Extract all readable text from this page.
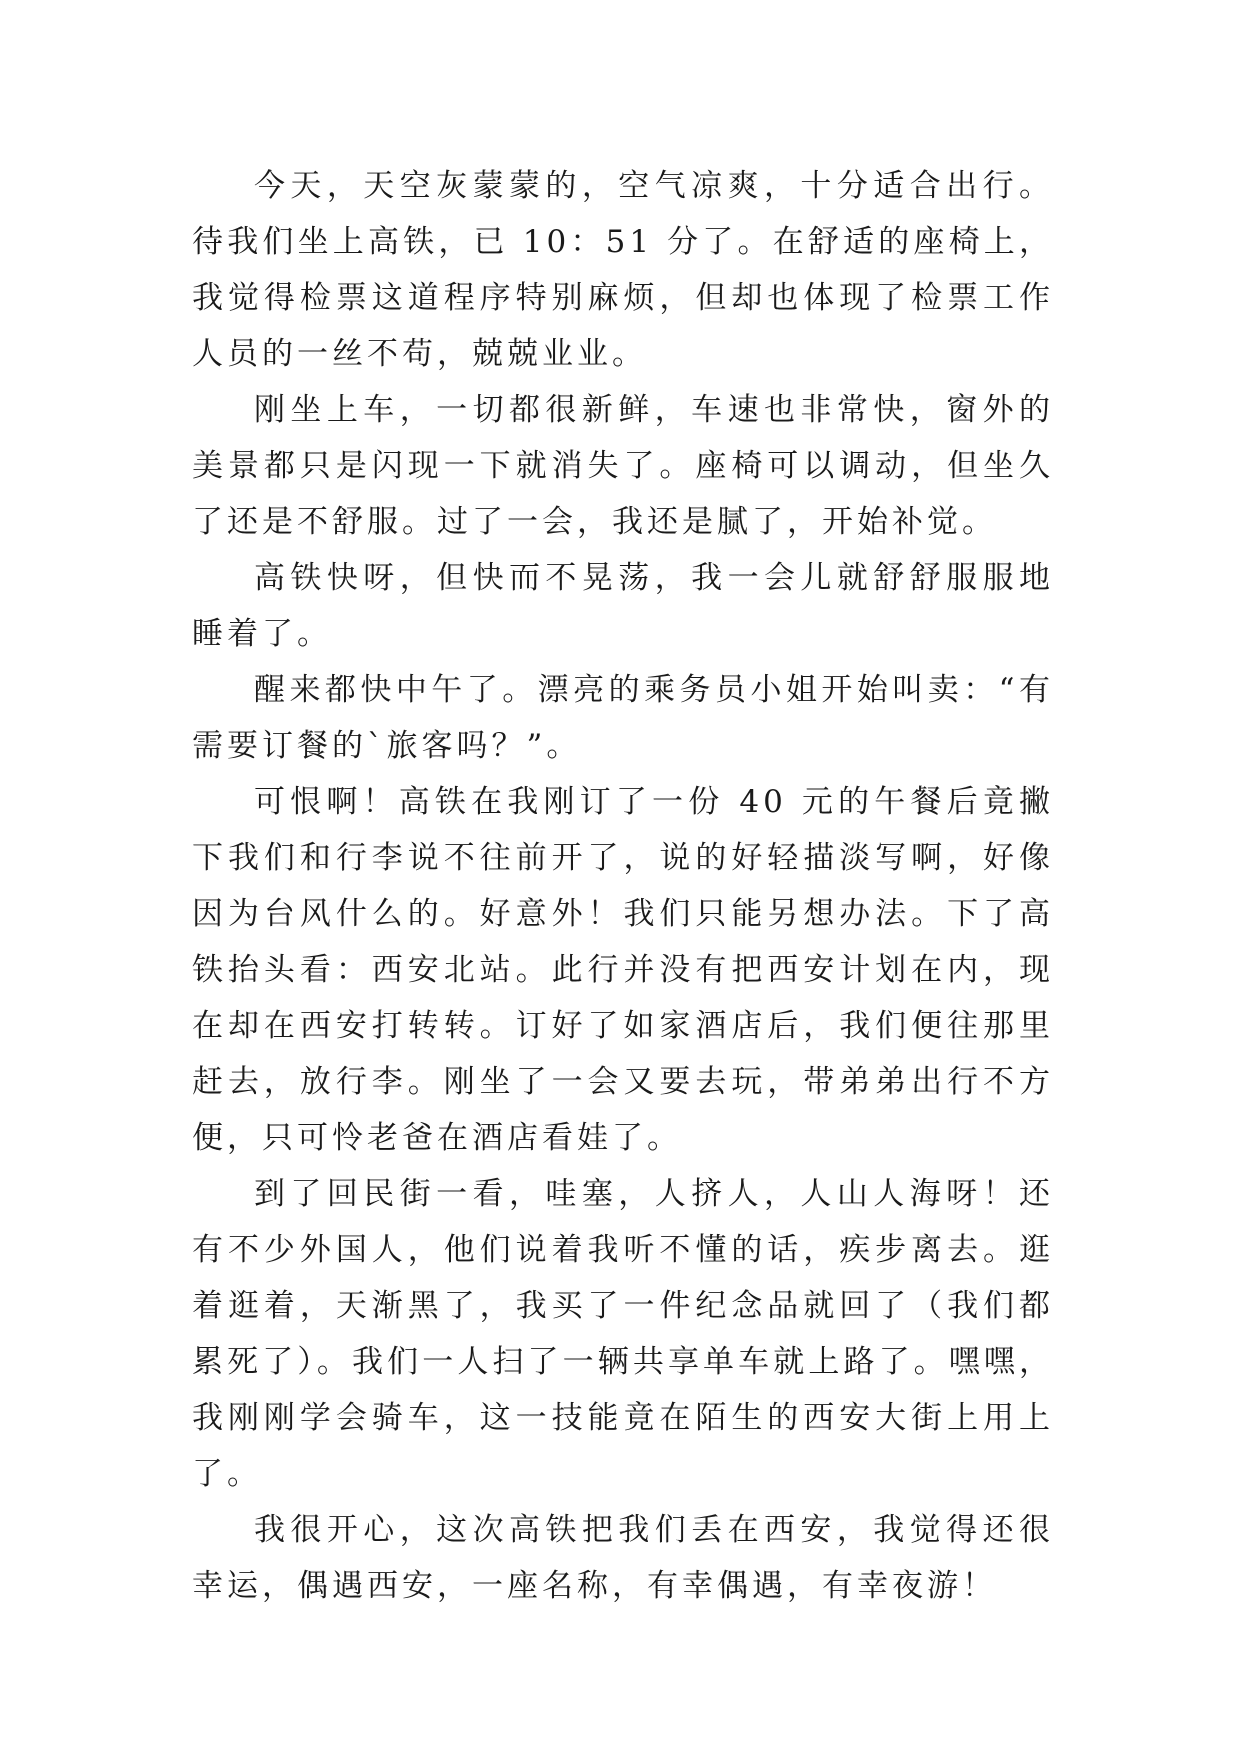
今天，天空灰蒙蒙的，空气凉爽，十分适合出行。待我们坐上高铁，已 10：51 分了。在舒适的座椅上，我觉得检票这道程序特别麻烦，但却也体现了检票工作人员的一丝不苟，兢兢业业。

刚坐上车，一切都很新鲜，车速也非常快，窗外的美景都只是闪现一下就消失了。座椅可以调动，但坐久了还是不舒服。过了一会，我还是腻了，开始补觉。

高铁快呀，但快而不晃荡，我一会儿就舒舒服服地睡着了。

醒来都快中午了。漂亮的乘务员小姐开始叫卖：“有需要订餐的`旅客吗？”。

可恨啊！高铁在我刚订了一份 40 元的午餐后竟撇下我们和行李说不往前开了，说的好轻描淡写啊，好像因为台风什么的。好意外！我们只能另想办法。下了高铁抬头看：西安北站。此行并没有把西安计划在内，现在却在西安打转转。订好了如家酒店后，我们便往那里赶去，放行李。刚坐了一会又要去玩，带弟弟出行不方便，只可怜老爸在酒店看娃了。

到了回民街一看，哇塞，人挤人，人山人海呀！还有不少外国人，他们说着我听不懂的话，疾步离去。逛着逛着，天渐黑了，我买了一件纪念品就回了（我们都累死了）。我们一人扫了一辆共享单车就上路了。嘿嘿，我刚刚学会骑车，这一技能竟在陌生的西安大街上用上了。

我很开心，这次高铁把我们丢在西安，我觉得还很幸运，偶遇西安，一座名称，有幸偶遇，有幸夜游！
